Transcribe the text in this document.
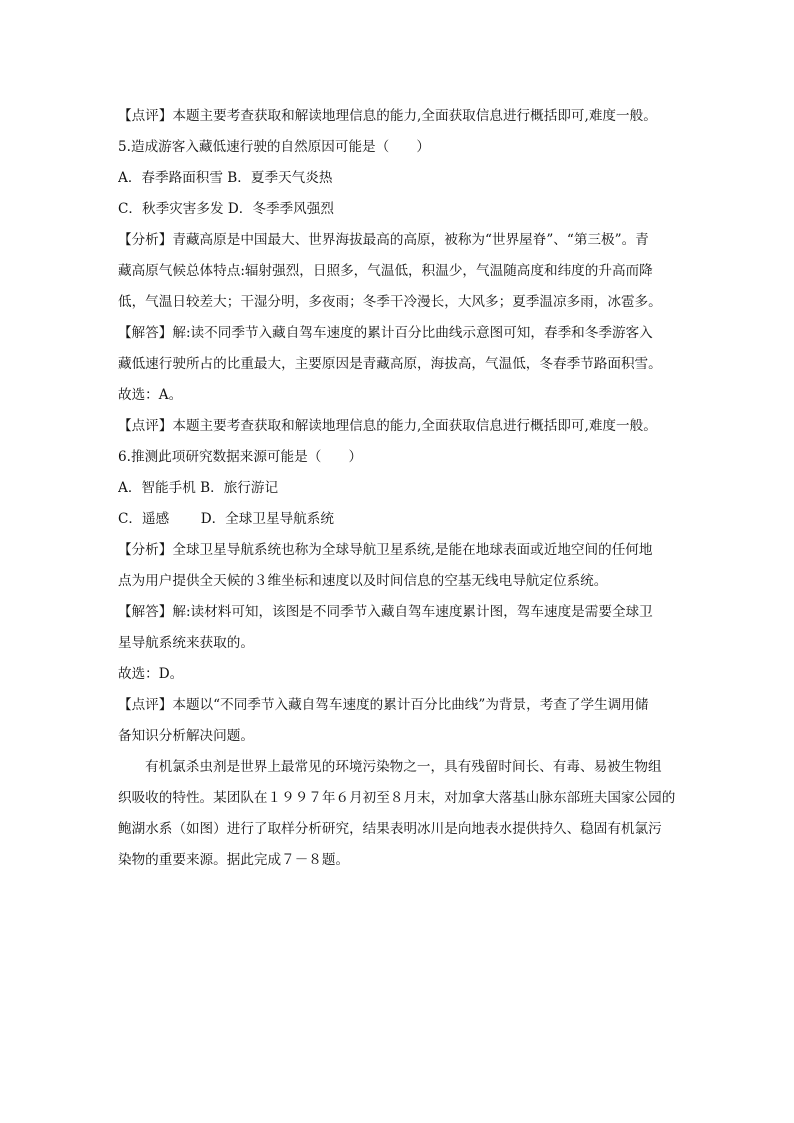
【点评】本题主要考查获取和解读地理信息的能力,全面获取信息进行概括即可,难度一般。
5.造成游客入藏低速行驶的自然原因可能是（　　）
A．春季路面积雪 B．夏季天气炎热
C．秋季灾害多发 D．冬季季风强烈
【分析】青藏高原是中国最大、世界海拔最高的高原，被称为“世界屋脊”、“第三极”。青
藏高原气候总体特点:辐射强烈，日照多，气温低，积温少，气温随高度和纬度的升高而降
低，气温日较差大；干湿分明，多夜雨；冬季干冷漫长，大风多；夏季温凉多雨，冰雹多。
【解答】解:读不同季节入藏自驾车速度的累计百分比曲线示意图可知，春季和冬季游客入
藏低速行驶所占的比重最大，主要原因是青藏高原，海拔高，气温低，冬春季节路面积雪。
故选：A。
【点评】本题主要考查获取和解读地理信息的能力,全面获取信息进行概括即可,难度一般。
6.推测此项研究数据来源可能是（　　）
A．智能手机 B．旅行游记
C．遥感　　 D．全球卫星导航系统
【分析】全球卫星导航系统也称为全球导航卫星系统,是能在地球表面或近地空间的任何地
点为用户提供全天候的３维坐标和速度以及时间信息的空基无线电导航定位系统。
【解答】解:读材料可知，该图是不同季节入藏自驾车速度累计图，驾车速度是需要全球卫
星导航系统来获取的。
故选：D。
【点评】本题以“不同季节入藏自驾车速度的累计百分比曲线”为背景，考查了学生调用储
备知识分析解决问题。
有机氯杀虫剂是世界上最常见的环境污染物之一，具有残留时间长、有毒、易被生物组
织吸收的特性。某团队在１９９７年６月初至８月末，对加拿大落基山脉东部班夫国家公园的
鲍湖水系（如图）进行了取样分析研究，结果表明冰川是向地表水提供持久、稳固有机氯污
染物的重要来源。据此完成７－８题。
